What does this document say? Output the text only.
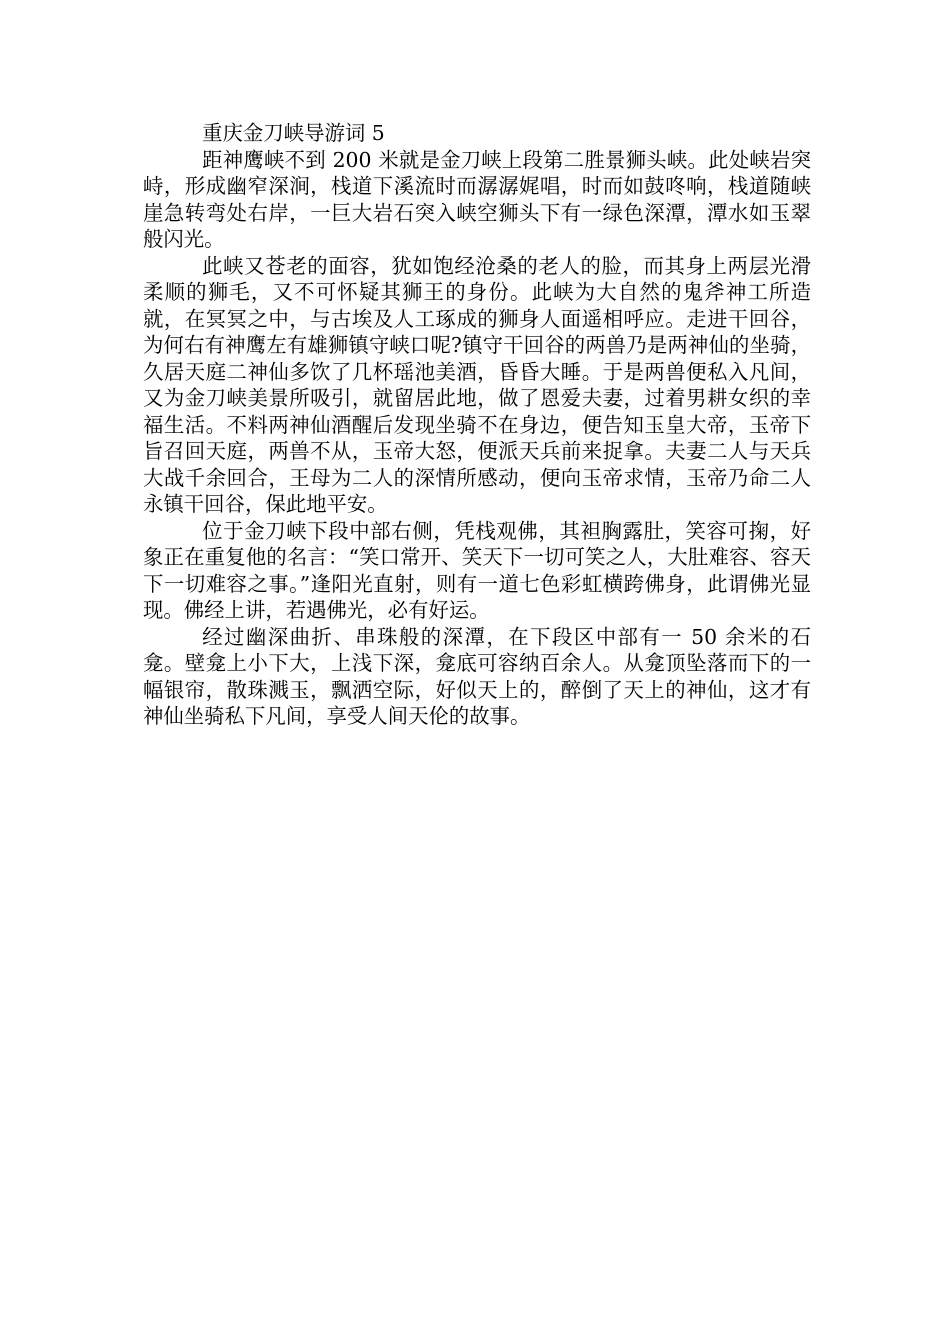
重庆金刀峡导游词 5

距神鹰峡不到 200 米就是金刀峡上段第二胜景狮头峡。此处峡岩突峙，形成幽窄深涧，栈道下溪流时而潺潺娓唱，时而如鼓咚响，栈道随峡崖急转弯处右岸，一巨大岩石突入峡空狮头下有一绿色深潭，潭水如玉翠般闪光。

此峡又苍老的面容，犹如饱经沧桑的老人的脸，而其身上两层光滑柔顺的狮毛，又不可怀疑其狮王的身份。此峡为大自然的鬼斧神工所造就，在冥冥之中，与古埃及人工琢成的狮身人面遥相呼应。走进干回谷，为何右有神鹰左有雄狮镇守峡口呢?镇守干回谷的两兽乃是两神仙的坐骑，久居天庭二神仙多饮了几杯瑶池美酒，昏昏大睡。于是两兽便私入凡间，又为金刀峡美景所吸引，就留居此地，做了恩爱夫妻，过着男耕女织的幸福生活。不料两神仙酒醒后发现坐骑不在身边，便告知玉皇大帝，玉帝下旨召回天庭，两兽不从，玉帝大怒，便派天兵前来捉拿。夫妻二人与天兵大战千余回合，王母为二人的深情所感动，便向玉帝求情，玉帝乃命二人永镇干回谷，保此地平安。

位于金刀峡下段中部右侧，凭栈观佛，其袒胸露肚，笑容可掬，好象正在重复他的名言：“笑口常开、笑天下一切可笑之人，大肚难容、容天下一切难容之事。”逢阳光直射，则有一道七色彩虹横跨佛身，此谓佛光显现。佛经上讲，若遇佛光，必有好运。

经过幽深曲折、串珠般的深潭，在下段区中部有一 50 余米的石龛。壁龛上小下大，上浅下深，龛底可容纳百余人。从龛顶坠落而下的一幅银帘，散珠溅玉，飘洒空际，好似天上的，醉倒了天上的神仙，这才有神仙坐骑私下凡间，享受人间天伦的故事。
